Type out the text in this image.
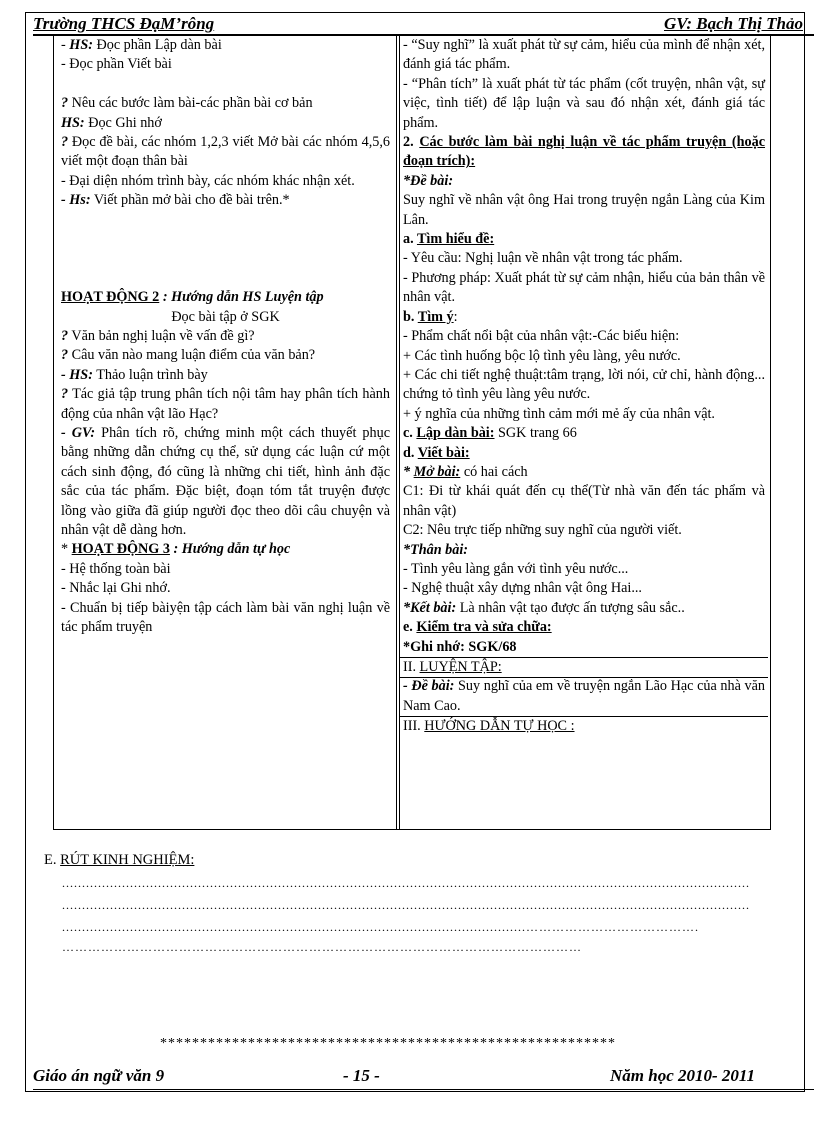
Trường THCS ĐạM’rông	GV: Bạch Thị Thảo

- HS: Đọc phần Lập dàn bài

- Đọc phần Viết bài

? Nêu các bước làm bài-các phần bài cơ bản

HS: Đọc Ghi nhớ

? Đọc đề bài, các nhóm 1,2,3 viết Mở bài các nhóm 4,5,6 viết một đoạn thân bài

- Đại diện nhóm trình bày, các nhóm khác nhận xét.

- Hs: Viết phần mở bài cho đề bài trên.*

HOẠT ĐỘNG 2 : Hướng dẫn HS Luyện tập

Đọc bài tập ở SGK

? Văn bản nghị luận về vấn đề gì?

? Câu văn nào mang luận điểm của văn bản?

- HS: Thảo luận trình bày

? Tác giả tập trung phân tích nội tâm hay phân tích hành động của nhân vật lão Hạc?

- GV: Phân tích rõ, chứng minh một cách thuyết phục bằng những dẫn chứng cụ thể, sử dụng các luận cứ một cách sinh động, đó cũng là những chi tiết, hình ảnh đặc sắc của tác phẩm. Đặc biệt, đoạn tóm tắt truyện được lồng vào giữa đã giúp người đọc theo dõi câu chuyện và nhân vật dễ dàng hơn.

* HOẠT ĐỘNG 3 : Hướng dẫn tự học

- Hệ thống toàn bài

- Nhắc lại Ghi nhớ.

- Chuẩn bị tiếp bàiyện tập cách làm bài văn nghị luận về tác phẩm truyện

- “Suy nghĩ” là xuất phát từ sự cảm, hiểu của mình để nhận xét, đánh giá tác phẩm.

- “Phân tích” là xuất phát từ tác phẩm (cốt truyện, nhân vật, sự việc, tình tiết) để lập luận và sau đó nhận xét, đánh giá tác phẩm.

2. Các bước làm bài nghị luận về tác phẩm truyện (hoặc đoạn trích):

*Đề bài:

Suy nghĩ về nhân vật ông Hai trong truyện ngắn Làng của Kim Lân.

a. Tìm hiểu đề:

- Yêu cầu: Nghị luận về nhân vật trong tác phẩm.

- Phương pháp: Xuất phát từ sự cảm nhận, hiểu của bản thân về nhân vật.

b. Tìm ý:

- Phẩm chất nổi bật của nhân vật:-Các biểu hiện:

+ Các tình huống bộc lộ tình yêu làng, yêu nước.

+ Các chi tiết nghệ thuật:tâm trạng, lời nói, cử chỉ, hành động... chứng tỏ tình yêu làng yêu nước.

+ ý nghĩa của những tình cảm mới mẻ ấy của nhân vật.

c. Lập dàn bài: SGK trang 66

d. Viết bài:

* Mở bài: có hai cách

C1: Đi từ khái quát đến cụ thể(Từ nhà văn đến tác phẩm và nhân vật)

C2: Nêu trực tiếp những suy nghĩ của người viết.

*Thân bài:

- Tình yêu làng gắn với tình yêu nước...

- Nghệ thuật xây dựng nhân vật ông Hai...

*Kết bài: Là nhân vật tạo được ấn tượng sâu sắc..

e. Kiểm tra và sửa chữa:

*Ghi nhớ: SGK/68

II. LUYỆN TẬP:

- Đề bài: Suy nghĩ của em về truyện ngắn Lão Hạc của nhà văn Nam Cao.

III. HƯỚNG DẪN TỰ HỌC :

E. RÚT KINH NGHIỆM:
............................................................................................................................................................................
............................................................................................................................................................................
....................................................................................................................………………………………….
…………………………………………………………………………………………………………
*********************************************************
Giáo án ngữ văn 9	- 15 -	Năm học 2010- 2011
